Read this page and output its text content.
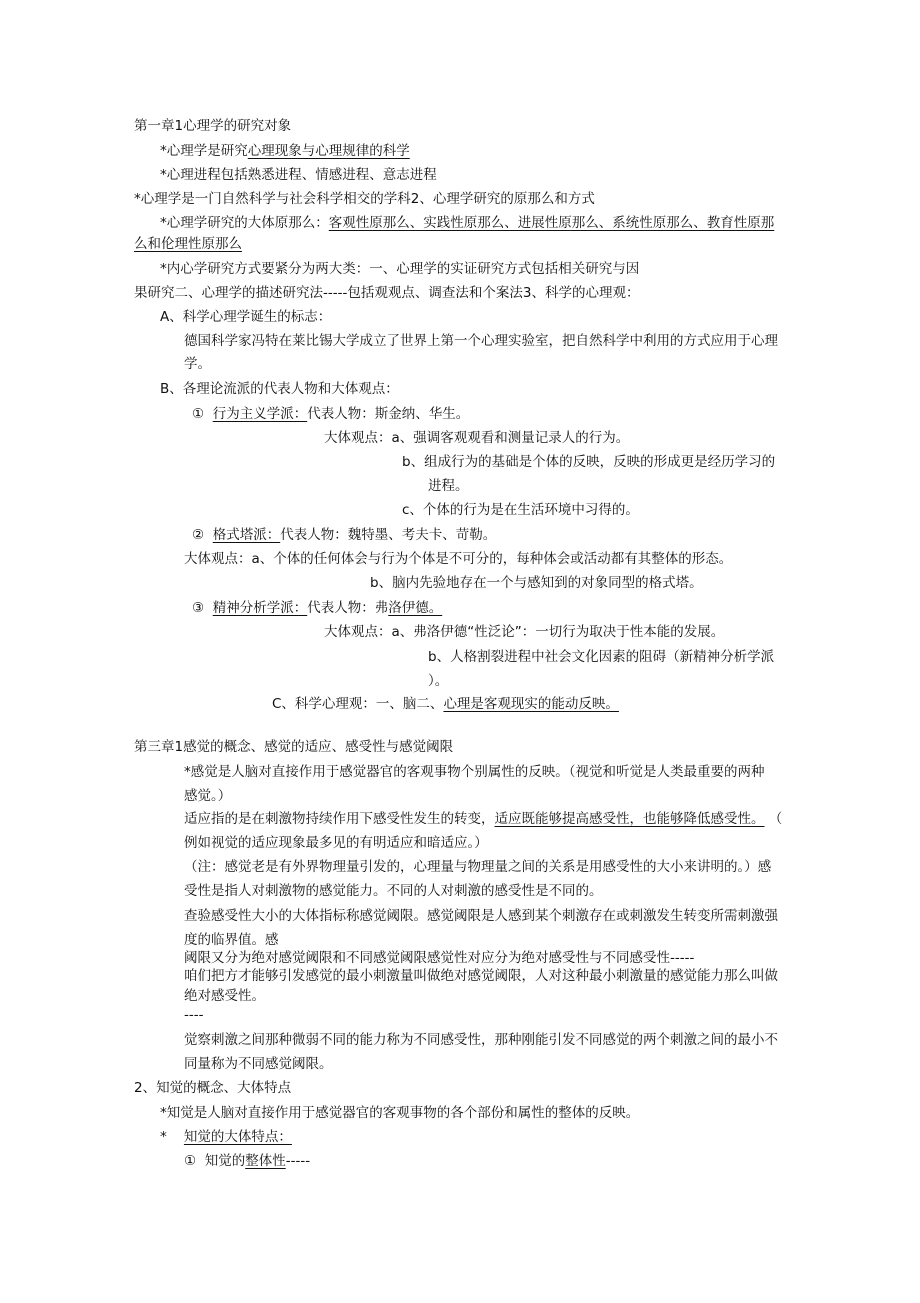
第一章1心理学的研究对象
*心理学是研究心理现象与心理规律的科学
*心理进程包括熟悉进程、情感进程、意志进程
*心理学是一门自然科学与社会科学相交的学科2、心理学研究的原那么和方式
*心理学研究的大体原那么：客观性原那么、实践性原那么、进展性原那么、系统性原那么、教育性原那
么和伦理性原那么
*内心学研究方式要紧分为两大类：一、心理学的实证研究方式包括相关研究与因
果研究二、心理学的描述研究法-----包括观观点、调查法和个案法3、科学的心理观：
A、科学心理学诞生的标志：
德国科学家冯特在莱比锡大学成立了世界上第一个心理实验室，把自然科学中利用的方式应用于心理
学。
B、各理论流派的代表人物和大体观点：
① 行为主义学派：代表人物：斯金纳、华生。
大体观点：a、强调客观观看和测量记录人的行为。
b、组成行为的基础是个体的反映，反映的形成更是经历学习的
进程。
c、个体的行为是在生活环境中习得的。
② 格式塔派：代表人物：魏特墨、考夫卡、苛勒。
大体观点：a、个体的任何体会与行为个体是不可分的，每种体会或活动都有其整体的形态。
b、脑内先验地存在一个与感知到的对象同型的格式塔。
③ 精神分析学派：代表人物：弗洛伊德。
大体观点：a、弗洛伊德“性泛论”：一切行为取决于性本能的发展。
b、人格割裂进程中社会文化因素的阻碍（新精神分析学派
）。
C、科学心理观：一、脑二、心理是客观现实的能动反映。
第三章1感觉的概念、感觉的适应、感受性与感觉阈限
*感觉是人脑对直接作用于感觉器官的客观事物个别属性的反映。（视觉和听觉是人类最重要的两种
感觉。）
适应指的是在刺激物持续作用下感受性发生的转变，适应既能够提高感受性，也能够降低感受性。 （
例如视觉的适应现象最多见的有明适应和暗适应。）
（注：感觉老是有外界物理量引发的，心理量与物理量之间的关系是用感受性的大小来讲明的。）感
受性是指人对刺激物的感觉能力。不同的人对刺激的感受性是不同的。
查验感受性大小的大体指标称感觉阈限。感觉阈限是人感到某个刺激存在或刺激发生转变所需刺激强
度的临界值。感
阈限又分为绝对感觉阈限和不同感觉阈限感觉性对应分为绝对感受性与不同感受性-----
咱们把方才能够引发感觉的最小刺激量叫做绝对感觉阈限，人对这种最小刺激量的感觉能力那么叫做
绝对感受性。
----
觉察刺激之间那种微弱不同的能力称为不同感受性，那种刚能引发不同感觉的两个刺激之间的最小不
同量称为不同感觉阈限。
2、知觉的概念、大体特点
*知觉是人脑对直接作用于感觉器官的客观事物的各个部份和属性的整体的反映。
* 知觉的大体特点：
① 知觉的整体性-----
